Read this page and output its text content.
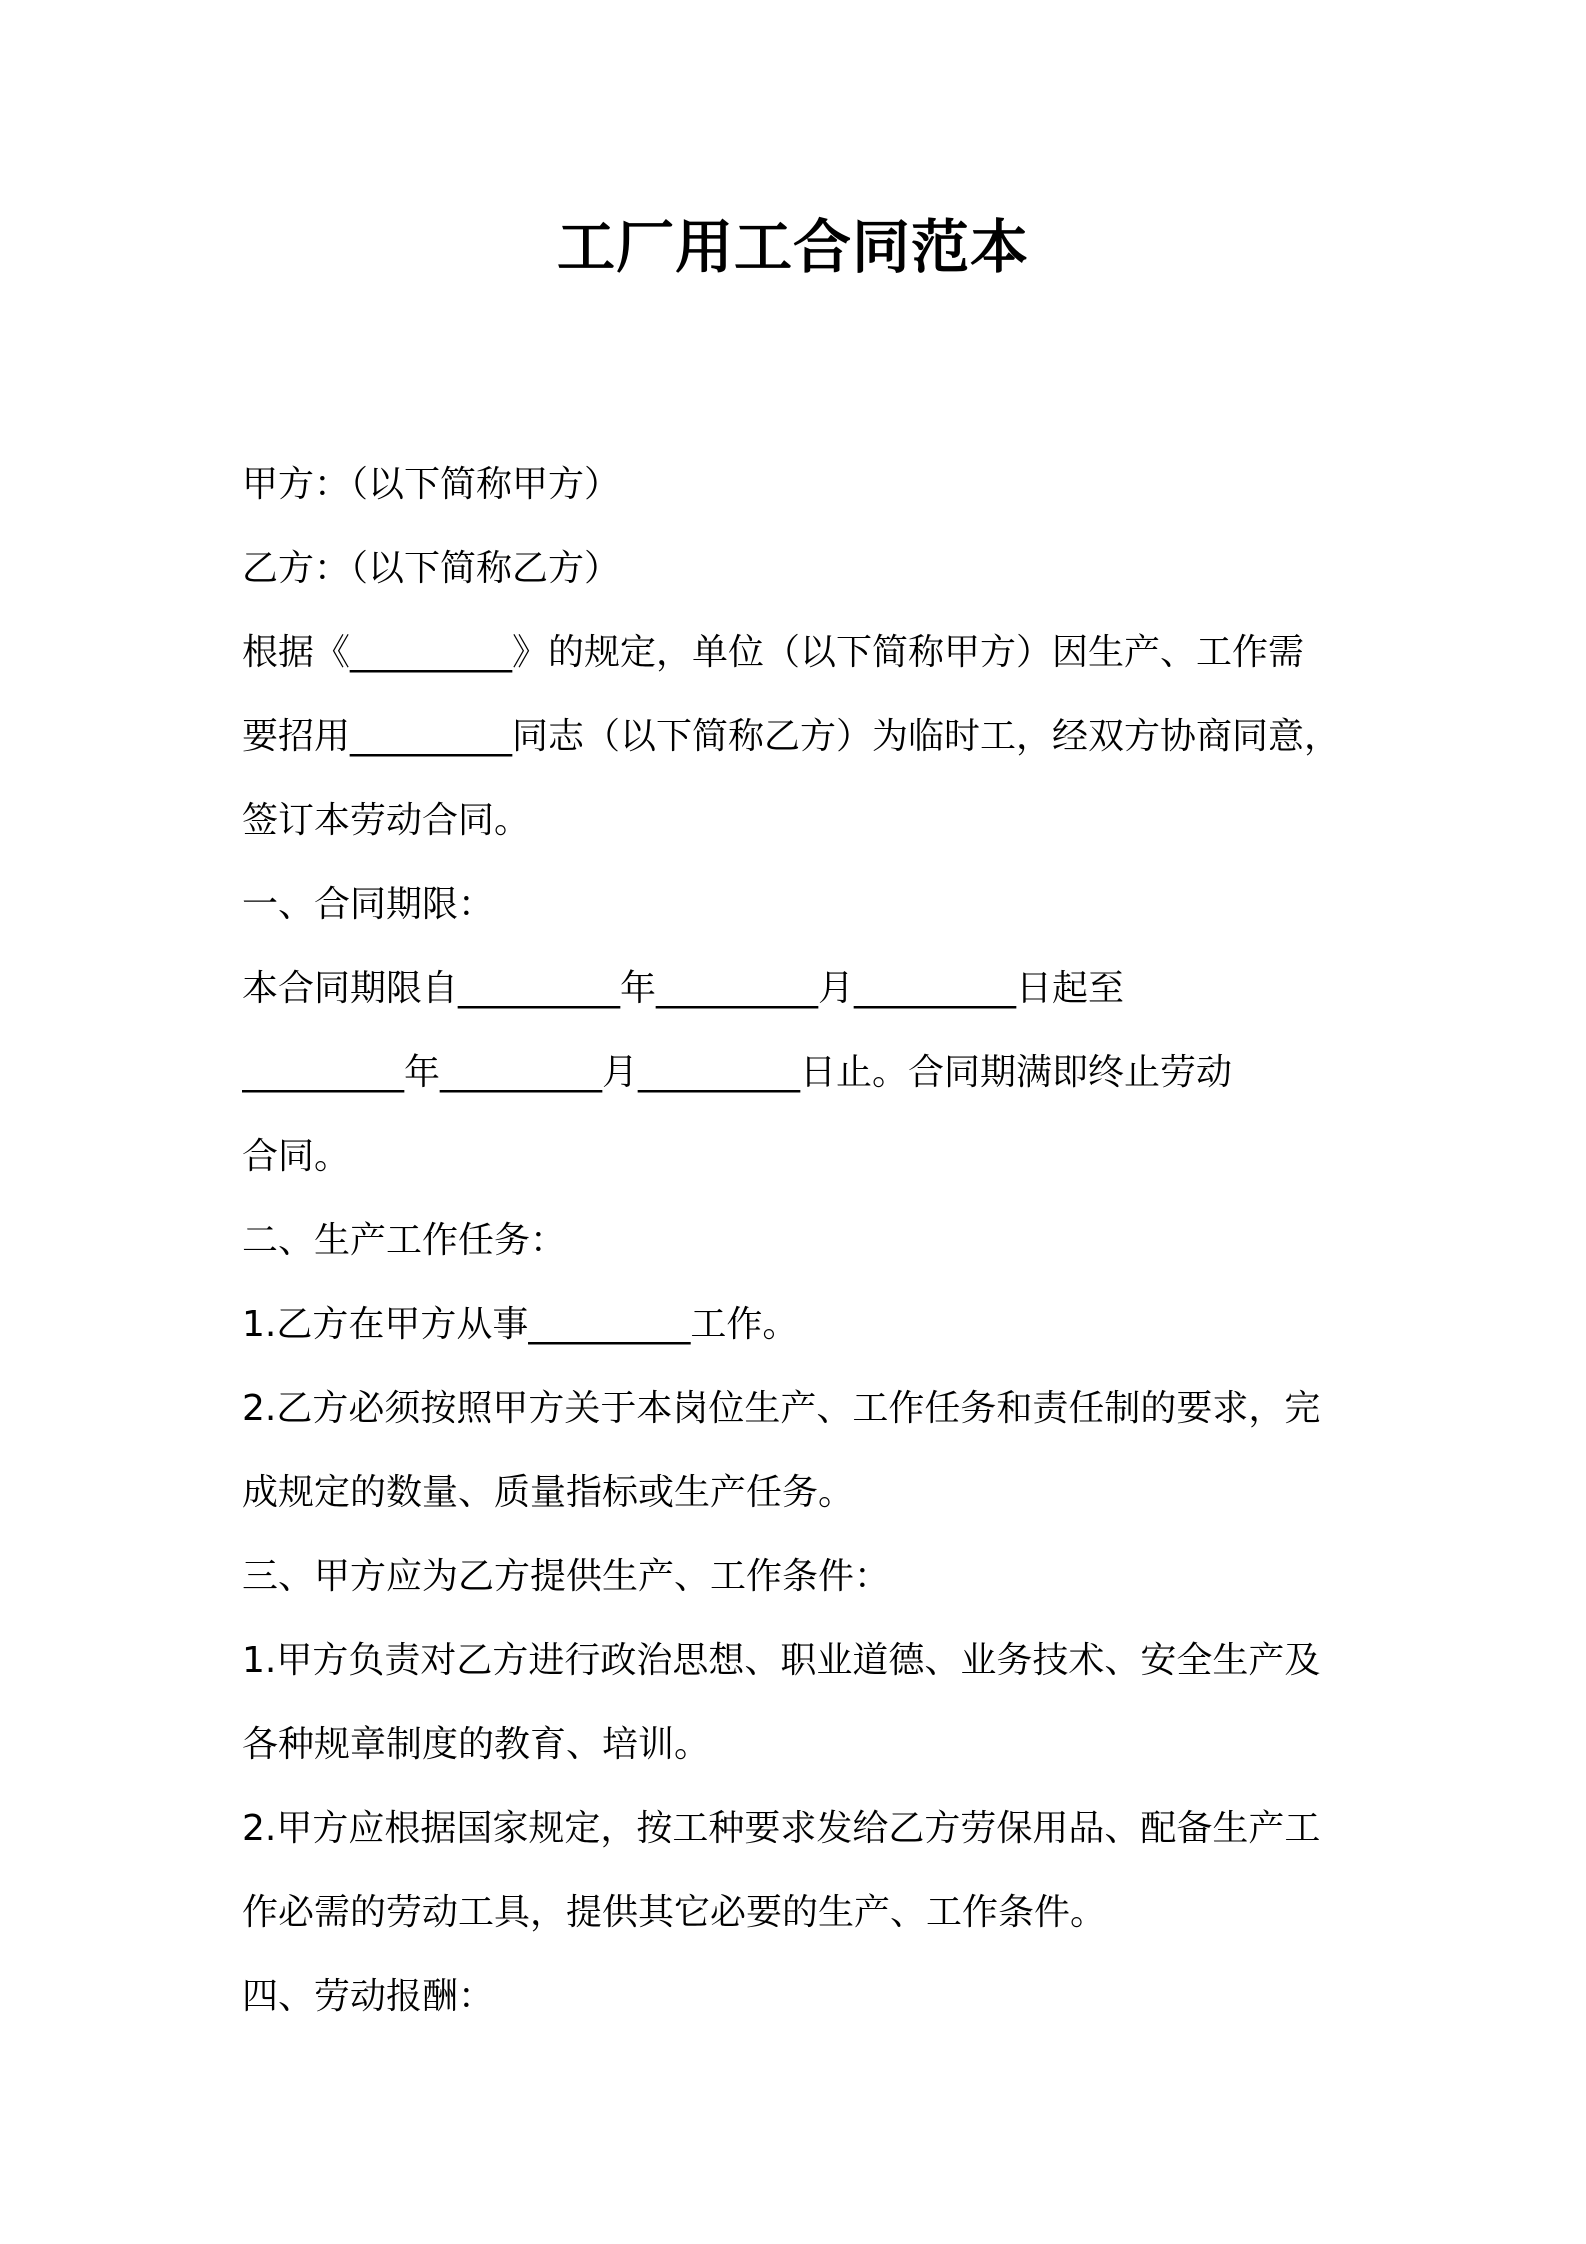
工厂用工合同范本
甲方：（以下简称甲方）
乙方：（以下简称乙方）
根据《_________》的规定，单位（以下简称甲方）因生产、工作需
要招用_________同志（以下简称乙方）为临时工，经双方协商同意，
签订本劳动合同。
一、合同期限：
本合同期限自_________年_________月_________日起至
_________年_________月_________日止。合同期满即终止劳动
合同。
二、生产工作任务：
1.乙方在甲方从事_________工作。
2.乙方必须按照甲方关于本岗位生产、工作任务和责任制的要求，完
成规定的数量、质量指标或生产任务。
三、甲方应为乙方提供生产、工作条件：
1.甲方负责对乙方进行政治思想、职业道德、业务技术、安全生产及
各种规章制度的教育、培训。
2.甲方应根据国家规定，按工种要求发给乙方劳保用品、配备生产工
作必需的劳动工具，提供其它必要的生产、工作条件。
四、劳动报酬：
